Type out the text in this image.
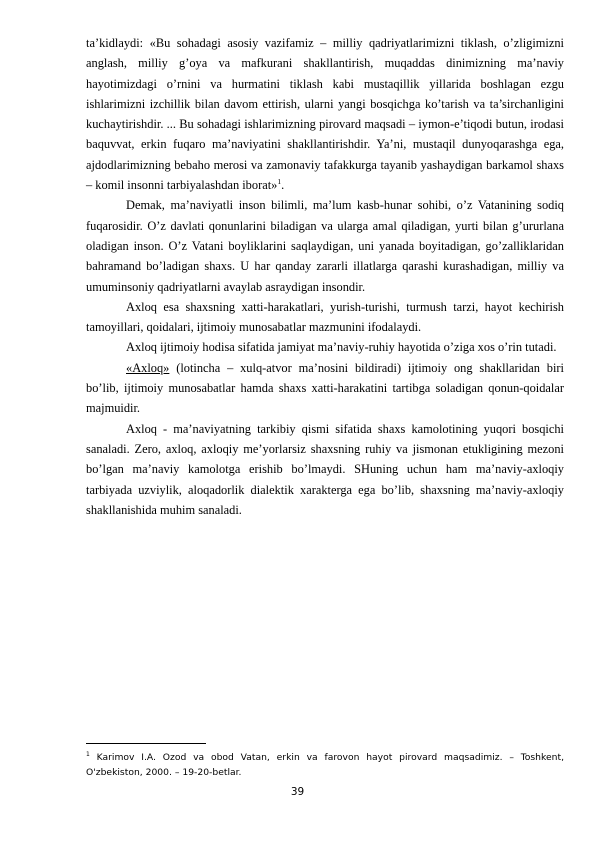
ta’kidlaydi: «Bu sohadagi asosiy vazifamiz – milliy qadriyatlarimizni tiklash, o’zligimizni anglash, milliy g’oya va mafkurani shakllantirish, muqaddas dinimizning ma’naviy hayotimizdagi o’rnini va hurmatini tiklash kabi mustaqillik yillarida boshlagan ezgu ishlarimizni izchillik bilan davom ettirish, ularni yangi bosqichga ko’tarish va ta’sirchanligini kuchaytirishdir. ... Bu sohadagi ishlarimizning pirovard maqsadi – iymon-e’tiqodi butun, irodasi baquvvat, erkin fuqaro ma’naviyatini shakllantirishdir. Ya’ni, mustaqil dunyoqarashga ega, ajdodlarimizning bebaho merosi va zamonaviy tafakkurga tayanib yashaydigan barkamol shaxs – komil insonni tarbiyalashdan iborat»$^1$.

Demak, ma’naviyatli inson bilimli, ma’lum kasb-hunar sohibi, o’z Vatanining sodiq fuqarosidir. O’z davlati qonunlarini biladigan va ularga amal qiladigan, yurti bilan g’ururlana oladigan inson. O’z Vatani boyliklarini saqlaydigan, uni yanada boyitadigan, go’zalliklaridan bahramand bo’ladigan shaxs. U har qanday zararli illatlarga qarashi kurashadigan, milliy va umuminsoniy qadriyatlarni avaylab asraydigan insondir.

Axloq esa shaxsning xatti-harakatlari, yurish-turishi, turmush tarzi, hayot kechirish tamoyillari, qoidalari, ijtimoiy munosabatlar mazmunini ifodalaydi.

Axloq ijtimoiy hodisa sifatida jamiyat ma’naviy-ruhiy hayotida o’ziga xos o’rin tutadi.

«Axloq» (lotincha – xulq-atvor ma’nosini bildiradi) ijtimoiy ong shakllaridan biri bo’lib, ijtimoiy munosabatlar hamda shaxs xatti-harakatini tartibga soladigan qonun-qoidalar majmuidir.

Axloq - ma’naviyatning tarkibiy qismi sifatida shaxs kamolotining yuqori bosqichi sanaladi. Zero, axloq, axloqiy me’yorlarsiz shaxsning ruhiy va jismonan etukligining mezoni bo’lgan ma’naviy kamolotga erishib bo’lmaydi. SHuning uchun ham ma’naviy-axloqiy tarbiyada uzviylik, aloqadorlik dialektik xarakterga ega bo’lib, shaxsning ma’naviy-axloqiy shakllanishida muhim sanaladi.

$^1$ Karimov I.A. Ozod va obod Vatan, erkin va farovon hayot pirovard maqsadimiz. – Toshkent, O'zbekiston, 2000. – 19-20-betlar.
39
